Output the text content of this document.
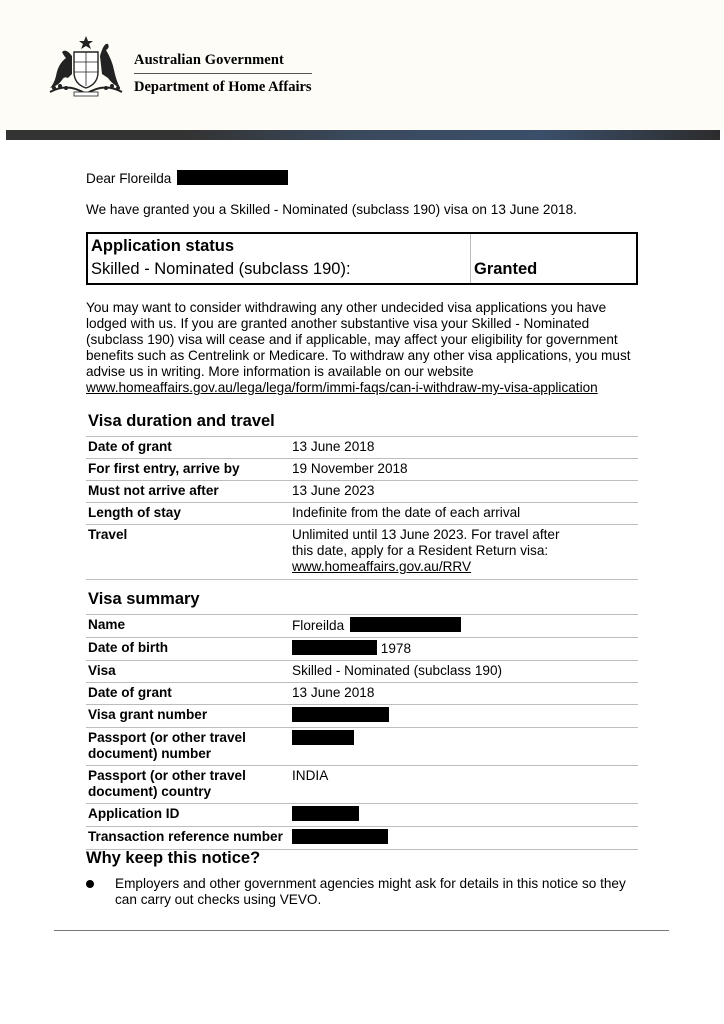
Australian Government
Department of Home Affairs
Dear Floreilda
We have granted you a Skilled - Nominated (subclass 190) visa on 13 June 2018.
Application status
Skilled - Nominated (subclass 190):	Granted
You may want to consider withdrawing any other undecided visa applications you have lodged with us. If you are granted another substantive visa your Skilled - Nominated (subclass 190) visa will cease and if applicable, may affect your eligibility for government benefits such as Centrelink or Medicare. To withdraw any other visa applications, you must advise us in writing. More information is available on our website www.homeaffairs.gov.au/lega/lega/form/immi-faqs/can-i-withdraw-my-visa-application
Visa duration and travel
Date of grant	13 June 2018
For first entry, arrive by	19 November 2018
Must not arrive after	13 June 2023
Length of stay	Indefinite from the date of each arrival
Travel	Unlimited until 13 June 2023. For travel after this date, apply for a Resident Return visa: www.homeaffairs.gov.au/RRV
Visa summary
Name	Floreilda
Date of birth	1978
Visa	Skilled - Nominated (subclass 190)
Date of grant	13 June 2018
Visa grant number	

Passport (or other travel document) number	

Passport (or other travel document) country	INDIA
Application ID	
Transaction reference number	
Why keep this notice?
Employers and other government agencies might ask for details in this notice so they can carry out checks using VEVO.
